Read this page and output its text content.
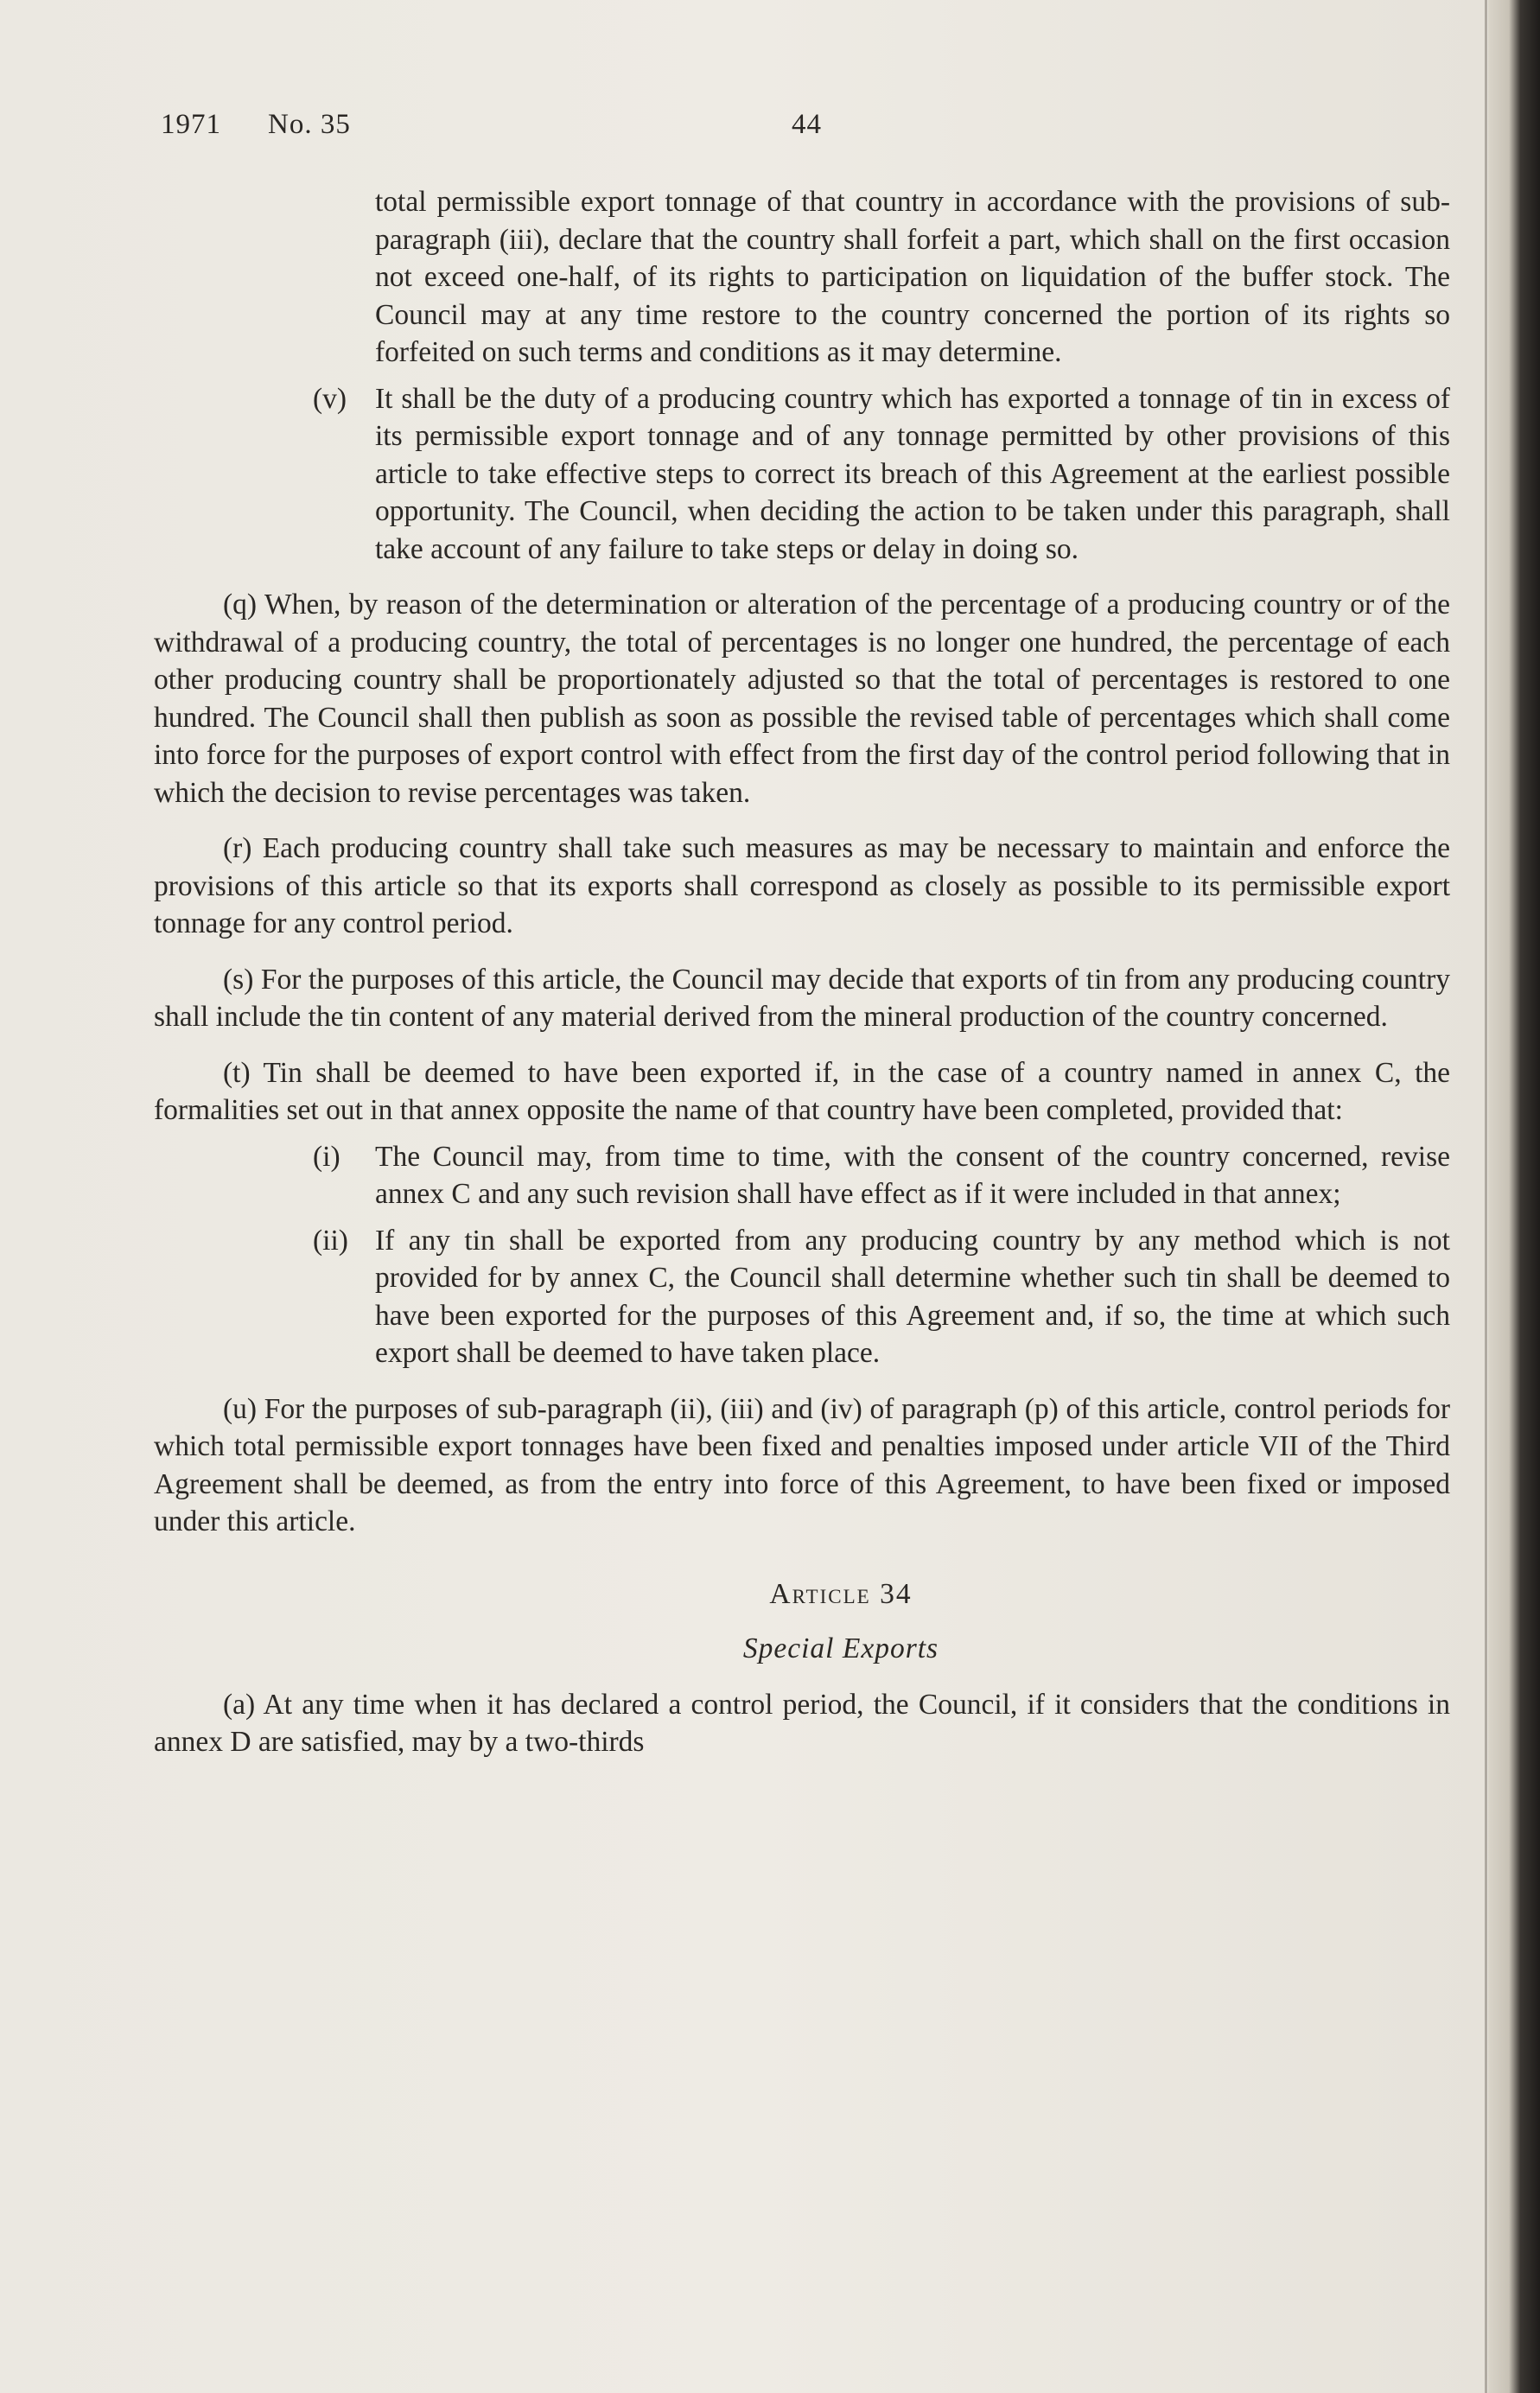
1971 No. 35	44

total permissible export tonnage of that country in accordance with the provisions of sub-paragraph (iii), declare that the country shall forfeit a part, which shall on the first occasion not exceed one-half, of its rights to participation on liquidation of the buffer stock. The Council may at any time restore to the country concerned the portion of its rights so forfeited on such terms and conditions as it may determine.

(v) It shall be the duty of a producing country which has exported a tonnage of tin in excess of its permissible export tonnage and of any tonnage permitted by other provisions of this article to take effective steps to correct its breach of this Agreement at the earliest possible opportunity. The Council, when deciding the action to be taken under this paragraph, shall take account of any failure to take steps or delay in doing so.

(q) When, by reason of the determination or alteration of the percentage of a producing country or of the withdrawal of a producing country, the total of percentages is no longer one hundred, the percentage of each other producing country shall be proportionately adjusted so that the total of percentages is restored to one hundred. The Council shall then publish as soon as possible the revised table of percentages which shall come into force for the purposes of export control with effect from the first day of the control period following that in which the decision to revise percentages was taken.

(r) Each producing country shall take such measures as may be necessary to maintain and enforce the provisions of this article so that its exports shall correspond as closely as possible to its permissible export tonnage for any control period.

(s) For the purposes of this article, the Council may decide that exports of tin from any producing country shall include the tin content of any material derived from the mineral production of the country concerned.

(t) Tin shall be deemed to have been exported if, in the case of a country named in annex C, the formalities set out in that annex opposite the name of that country have been completed, provided that:

(i) The Council may, from time to time, with the consent of the country concerned, revise annex C and any such revision shall have effect as if it were included in that annex;

(ii) If any tin shall be exported from any producing country by any method which is not provided for by annex C, the Council shall determine whether such tin shall be deemed to have been exported for the purposes of this Agreement and, if so, the time at which such export shall be deemed to have taken place.

(u) For the purposes of sub-paragraph (ii), (iii) and (iv) of paragraph (p) of this article, control periods for which total permissible export tonnages have been fixed and penalties imposed under article VII of the Third Agreement shall be deemed, as from the entry into force of this Agreement, to have been fixed or imposed under this article.

Article 34

Special Exports

(a) At any time when it has declared a control period, the Council, if it considers that the conditions in annex D are satisfied, may by a two-thirds
